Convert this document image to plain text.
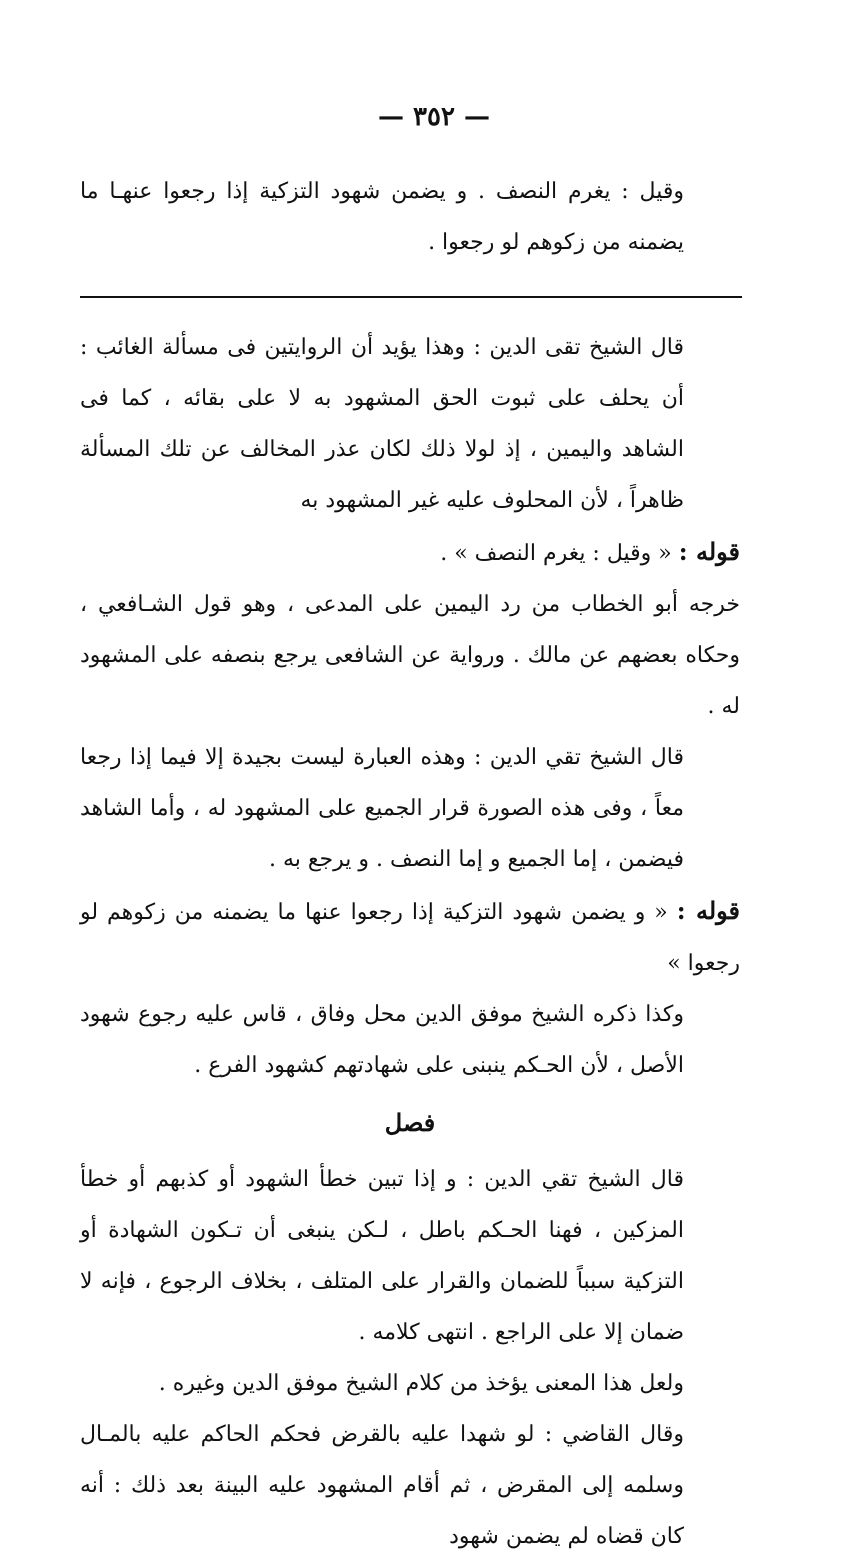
— ٣٥٢ —

وقيل : يغرم النصف . و يضمن شهود التزكية إذا رجعوا عنهـا ما يضمنه من زكوهم لو رجعوا .

قال الشيخ تقى الدين : وهذا يؤيد أن الروايتين فى مسألة الغائب : أن يحلف على ثبوت الحق المشهود به لا على بقائه ، كما فى الشاهد واليمين ، إذ لولا ذلك لكان عذر المخالف عن تلك المسألة ظاهراً ، لأن المحلوف عليه غير المشهود به

قوله : « وقيل : يغرم النصف » .

خرجه أبو الخطاب من رد اليمين على المدعى ، وهو قول الشـافعي ، وحكاه بعضهم عن مالك . ورواية عن الشافعى يرجع بنصفه على المشهود له .

قال الشيخ تقي الدين : وهذه العبارة ليست بجيدة إلا فيما إذا رجعا معاً ، وفى هذه الصورة قرار الجميع على المشهود له ، وأما الشاهد فيضمن ، إما الجميع و إما النصف . و يرجع به .

قوله : « و يضمن شهود التزكية إذا رجعوا عنها ما يضمنه من زكوهم لو رجعوا »

وكذا ذكره الشيخ موفق الدين محل وفاق ، قاس عليه رجوع شهود الأصل ، لأن الحـكم ينبنى على شهادتهم كشهود الفرع .

فصل

قال الشيخ تقي الدين : و إذا تبين خطأ الشهود أو كذبهم أو خطأ المزكين ، فهنا الحـكم باطل ، لـكن ينبغى أن تـكون الشهادة أو التزكية سبباً للضمان والقرار على المتلف ، بخلاف الرجوع ، فإنه لا ضمان إلا على الراجع . انتهى كلامه .

ولعل هذا المعنى يؤخذ من كلام الشيخ موفق الدين وغيره .

وقال القاضي : لو شهدا عليه بالقرض فحكم الحاكم عليه بالمـال وسلمه إلى المقرض ، ثم أقام المشهود عليه البينة بعد ذلك : أنه كان قضاه لم يضمن شهود
